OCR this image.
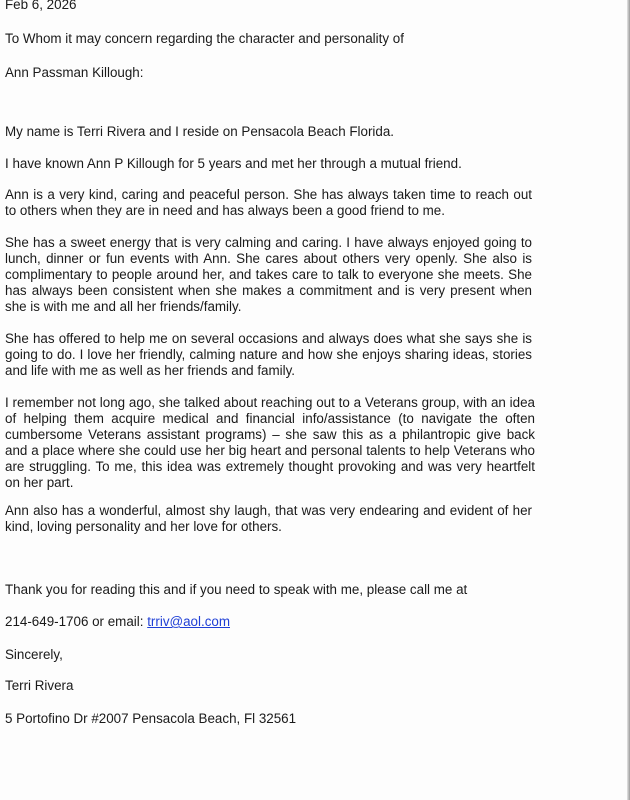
Feb 6, 2026

To Whom it may concern regarding the character and personality of

Ann Passman Killough:

My name is Terri Rivera and I reside on Pensacola Beach Florida.

I have known Ann P Killough for 5 years and met her through a mutual friend.

Ann is a very kind, caring and peaceful person. She has always taken time to reach out to others when they are in need and has always been a good friend to me.

She has a sweet energy that is very calming and caring. I have always enjoyed going to lunch, dinner or fun events with Ann. She cares about others very openly. She also is complimentary to people around her, and takes care to talk to everyone she meets. She has always been consistent when she makes a commitment and is very present when she is with me and all her friends/family.

She has offered to help me on several occasions and always does what she says she is going to do. I love her friendly, calming nature and how she enjoys sharing ideas, stories and life with me as well as her friends and family.

I remember not long ago, she talked about reaching out to a Veterans group, with an idea of helping them acquire medical and financial info/assistance (to navigate the often cumbersome Veterans assistant programs) – she saw this as a philantropic give back and a place where she could use her big heart and personal talents to help Veterans who are struggling. To me, this idea was extremely thought provoking and was very heartfelt on her part.

Ann also has a wonderful, almost shy laugh, that was very endearing and evident of her kind, loving personality and her love for others.

Thank you for reading this and if you need to speak with me, please call me at

214-649-1706 or email: trriv@aol.com

Sincerely,

Terri Rivera

5 Portofino Dr #2007 Pensacola Beach, Fl 32561
